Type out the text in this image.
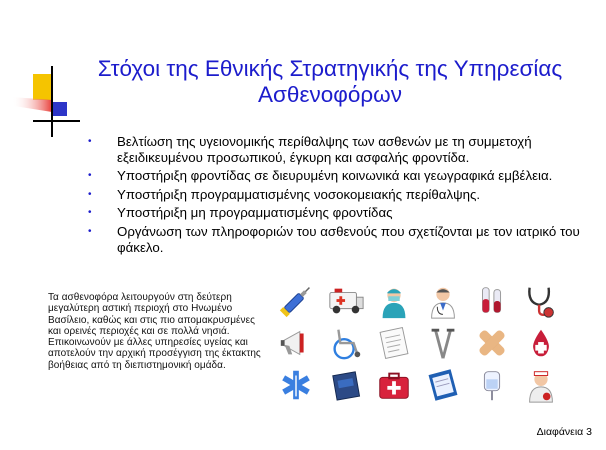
Στόχοι της Εθνικής Στρατηγικής της Υπηρεσίας
Ασθενοφόρων
• Βελτίωση της υγειονομικής περίθαλψης των ασθενών με τη συμμετοχή εξειδικευμένου προσωπικού, έγκυρη και ασφαλής φροντίδα.
• Υποστήριξη φροντίδας σε διευρυμένη κοινωνικά και γεωγραφικά εμβέλεια.
• Υποστήριξη προγραμματισμένης νοσοκομειακής περίθαλψης.
• Υποστήριξη μη προγραμματισμένης φροντίδας
• Οργάνωση των πληροφοριών του ασθενούς που σχετίζονται με τον ιατρικό του φάκελο.

Τα ασθενοφόρα λειτουργούν στη δεύτερη μεγαλύτερη αστική περιοχή στο Ηνωμένο Βασίλειο, καθώς και στις πιο απομακρυσμένες και ορεινές περιοχές και σε πολλά νησιά. Επικοινωνούν με άλλες υπηρεσίες υγείας και αποτελούν την αρχική προσέγγιση της έκτακτης βοήθειας από τη διεπιστημονική ομάδα.

Διαφάνεια 3
